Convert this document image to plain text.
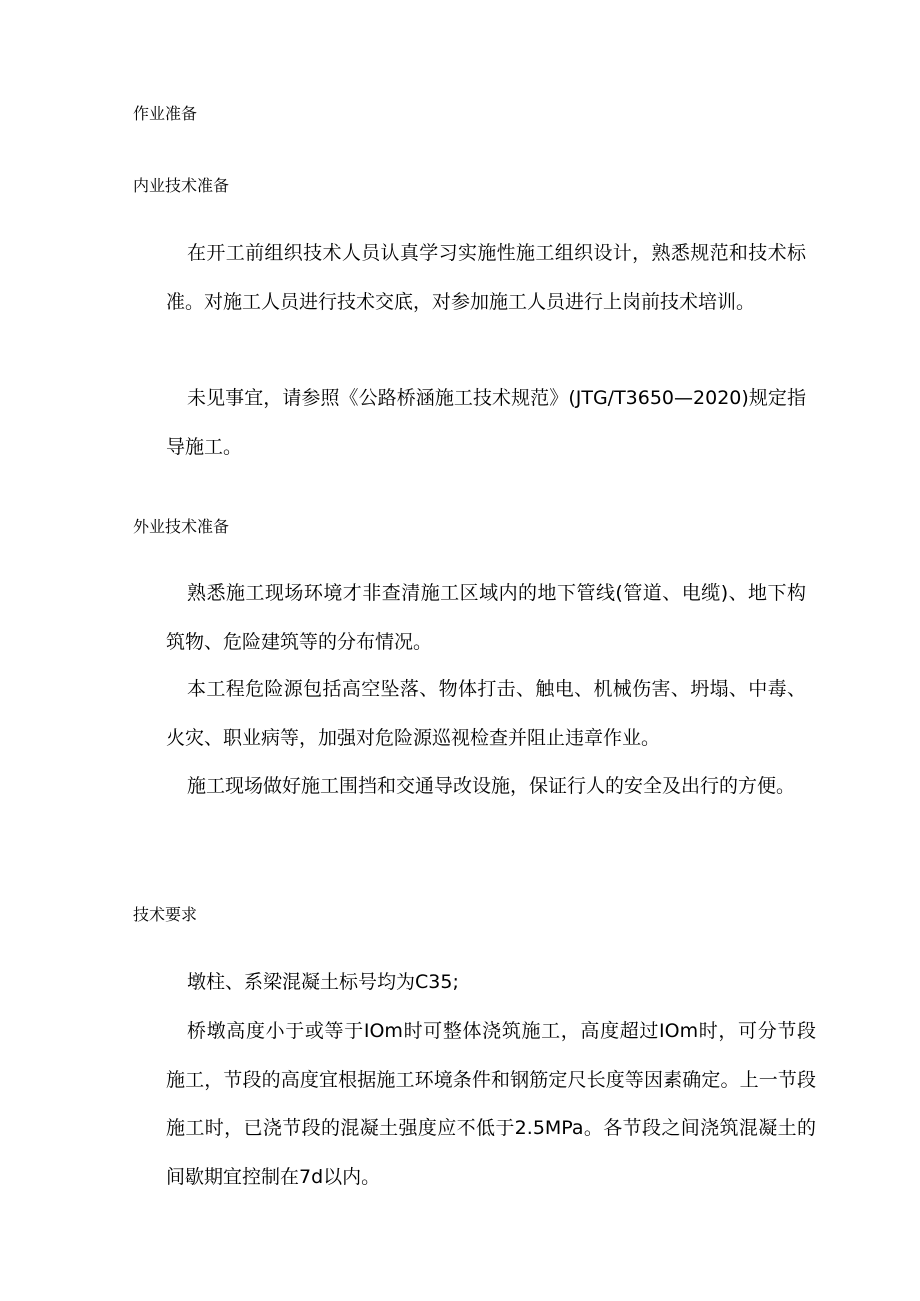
作业准备
内业技术准备

在开工前组织技术人员认真学习实施性施工组织设计，熟悉规范和技术标准。对施工人员进行技术交底，对参加施工人员进行上岗前技术培训。

未见事宜，请参照《公路桥涵施工技术规范》(JTG/T3650—2020)规定指导施工。

外业技术准备

熟悉施工现场环境才非查清施工区域内的地下管线(管道、电缆)、地下构筑物、危险建筑等的分布情况。

本工程危险源包括高空坠落、物体打击、触电、机械伤害、坍塌、中毒、火灾、职业病等，加强对危险源巡视检查并阻止违章作业。

施工现场做好施工围挡和交通导改设施，保证行人的安全及出行的方便。

技术要求

墩柱、系梁混凝土标号均为C35;

桥墩高度小于或等于IOm时可整体浇筑施工，高度超过IOm时，可分节段施工，节段的高度宜根据施工环境条件和钢筋定尺长度等因素确定。上一节段施工时，已浇节段的混凝土强度应不低于2.5MPa。各节段之间浇筑混凝土的间歇期宜控制在7d以内。
